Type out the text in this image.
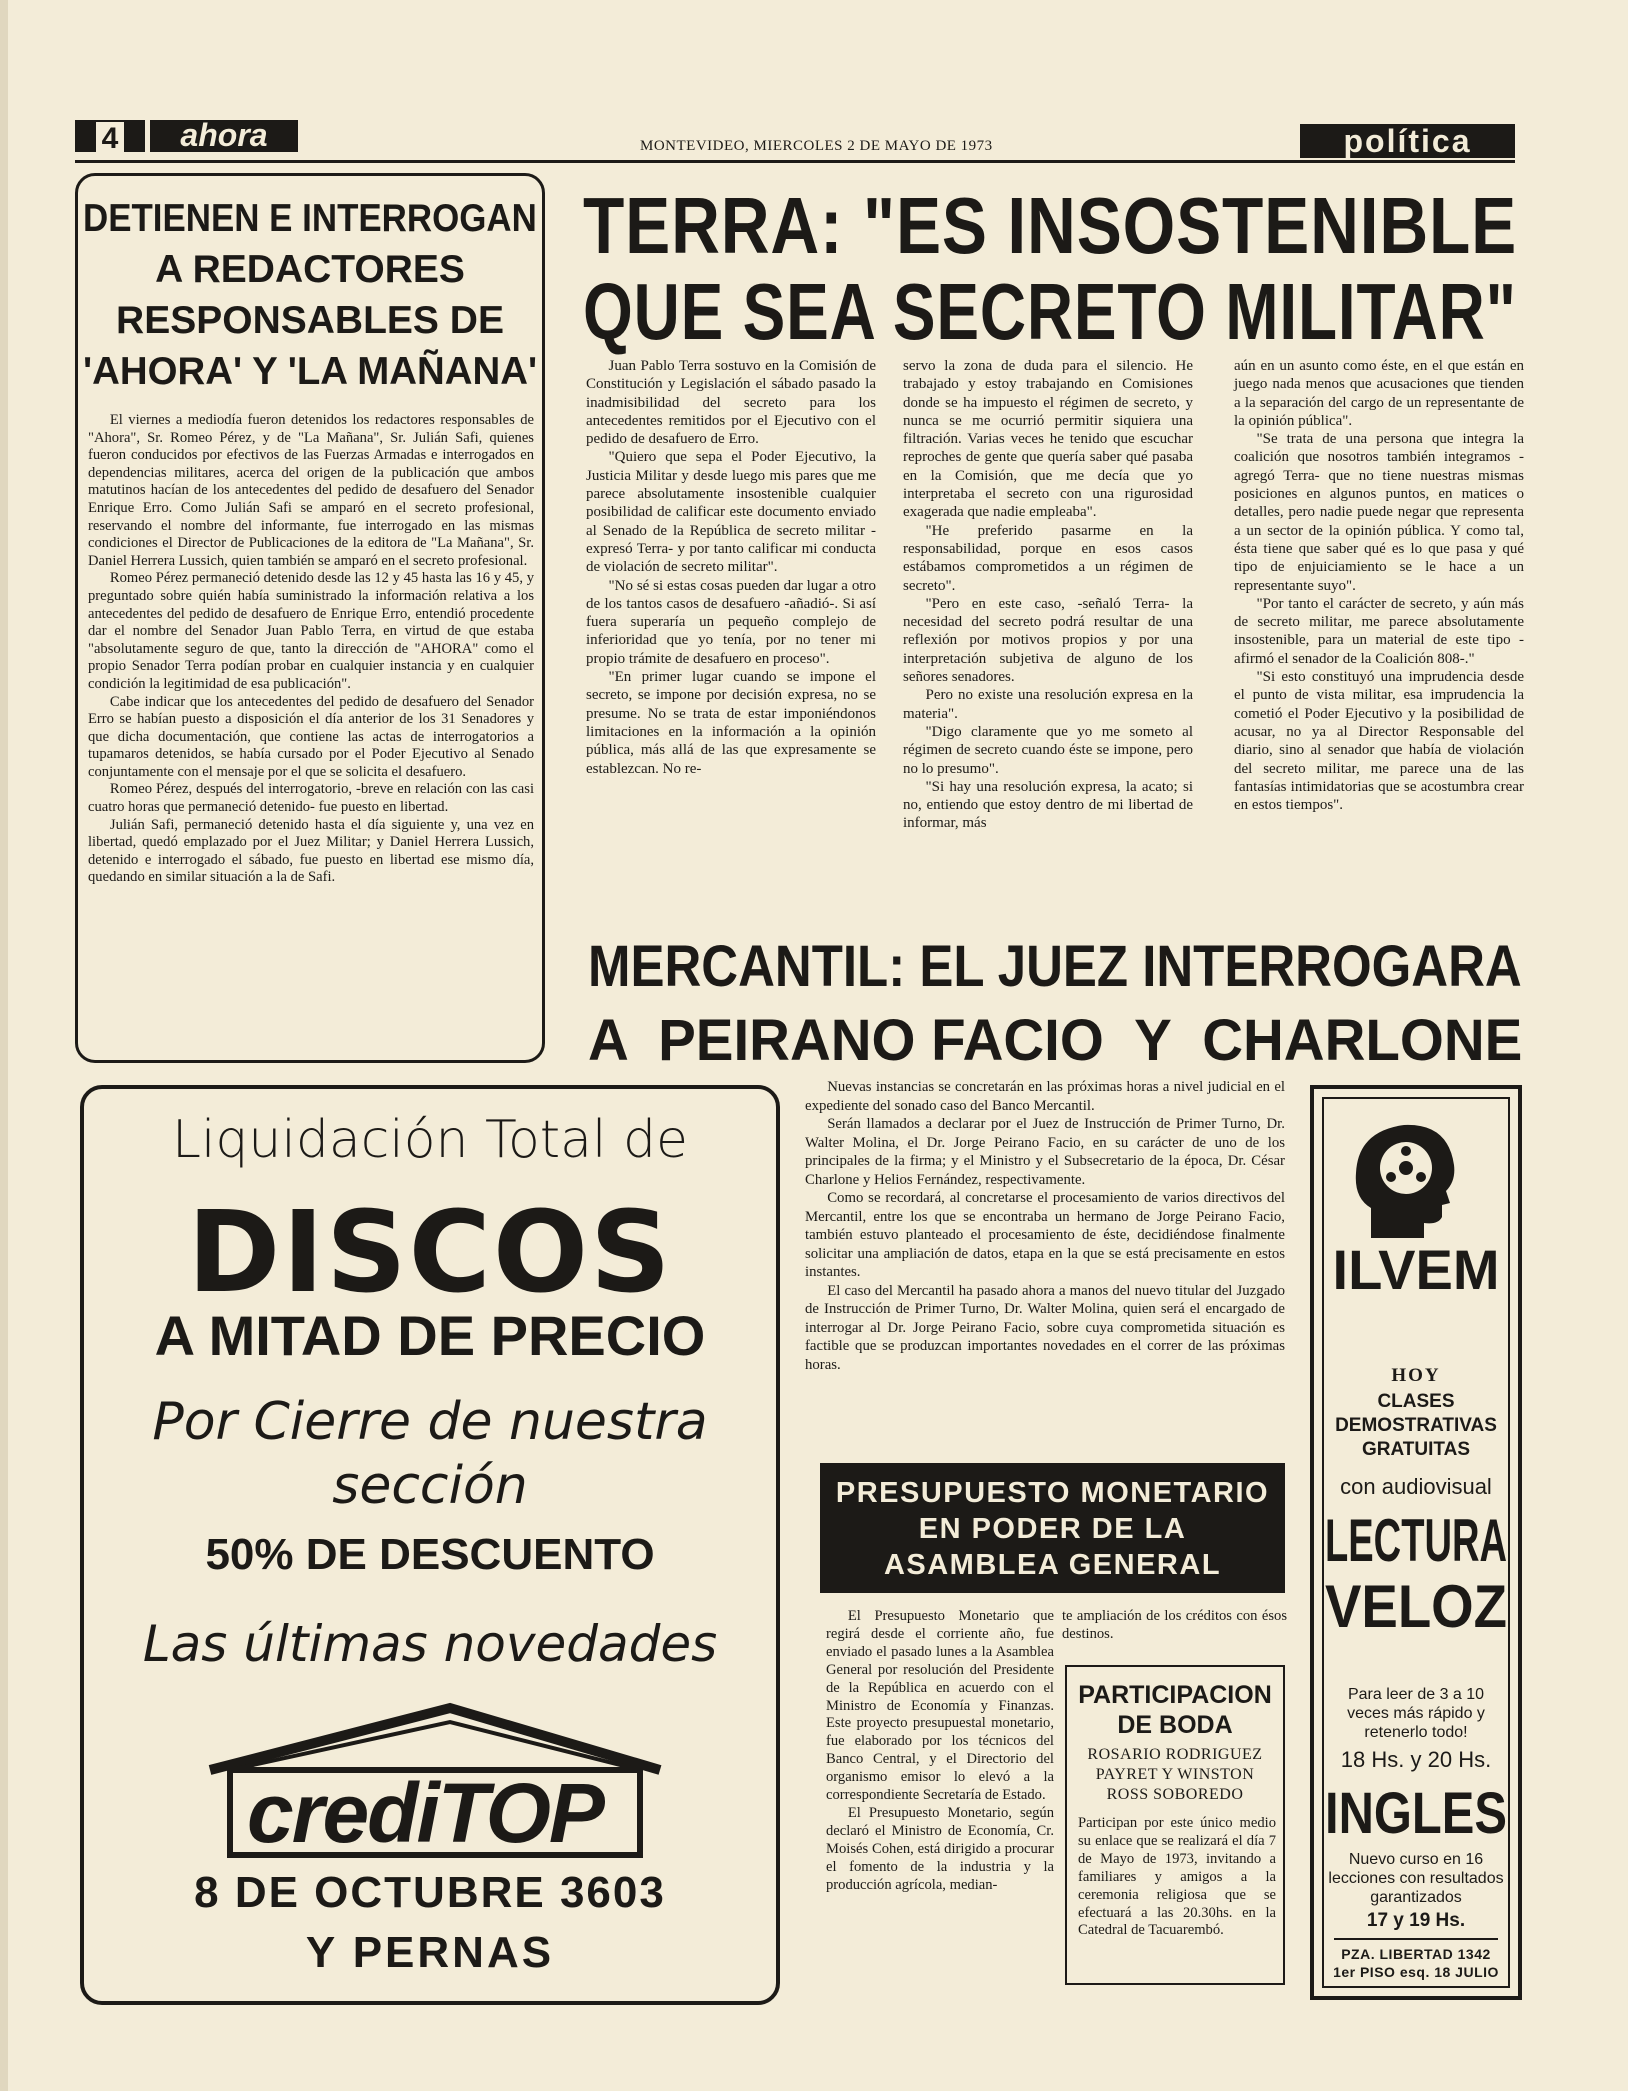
4	ahora	MONTEVIDEO, MIERCOLES 2 DE MAYO DE 1973	política
DETIENEN E INTERROGAN
A REDACTORES
RESPONSABLES DE
'AHORA' Y 'LA MAÑANA'

El viernes a mediodía fueron detenidos los redactores responsables de "Ahora", Sr. Romeo Pérez, y de "La Mañana", Sr. Julián Safi, quienes fueron conducidos por efectivos de las Fuerzas Armadas e interrogados en dependencias militares, acerca del origen de la publicación que ambos matutinos hacían de los antecedentes del pedido de desafuero del Senador Enrique Erro. Como Julián Safi se amparó en el secreto profesional, reservando el nombre del informante, fue interrogado en las mismas condiciones el Director de Publicaciones de la editora de "La Mañana", Sr. Daniel Herrera Lussich, quien también se amparó en el secreto profesional.

Romeo Pérez permaneció detenido desde las 12 y 45 hasta las 16 y 45, y preguntado sobre quién había suministrado la información relativa a los antecedentes del pedido de desafuero de Enrique Erro, entendió procedente dar el nombre del Senador Juan Pablo Terra, en virtud de que estaba "absolutamente seguro de que, tanto la dirección de "AHORA" como el propio Senador Terra podían probar en cualquier instancia y en cualquier condición la legitimidad de esa publicación".

Cabe indicar que los antecedentes del pedido de desafuero del Senador Erro se habían puesto a disposición el día anterior de los 31 Senadores y que dicha documentación, que contiene las actas de interrogatorios a tupamaros detenidos, se había cursado por el Poder Ejecutivo al Senado conjuntamente con el mensaje por el que se solicita el desafuero.

Romeo Pérez, después del interrogatorio, -breve en relación con las casi cuatro horas que permaneció detenido- fue puesto en libertad.

Julián Safi, permaneció detenido hasta el día siguiente y, una vez en libertad, quedó emplazado por el Juez Militar; y Daniel Herrera Lussich, detenido e interrogado el sábado, fue puesto en libertad ese mismo día, quedando en similar situación a la de Safi.

TERRA: "ES INSOSTENIBLE
QUE SEA SECRETO MILITAR"

Juan Pablo Terra sostuvo en la Comisión de Constitución y Legislación el sábado pasado la inadmisibilidad del secreto para los antecedentes remitidos por el Ejecutivo con el pedido de desafuero de Erro.

"Quiero que sepa el Poder Ejecutivo, la Justicia Militar y desde luego mis pares que me parece absolutamente insostenible cualquier posibilidad de calificar este documento enviado al Senado de la República de secreto militar -expresó Terra- y por tanto calificar mi conducta de violación de secreto militar".

"No sé si estas cosas pueden dar lugar a otro de los tantos casos de desafuero -añadió-. Si así fuera superaría un pequeño complejo de inferioridad que yo tenía, por no tener mi propio trámite de desafuero en proceso".

"En primer lugar cuando se impone el secreto, se impone por decisión expresa, no se presume. No se trata de estar imponiéndonos limitaciones en la información a la opinión pública, más allá de las que expresamente se establezcan. No re-

servo la zona de duda para el silencio. He trabajado y estoy trabajando en Comisiones donde se ha impuesto el régimen de secreto, y nunca se me ocurrió permitir siquiera una filtración. Varias veces he tenido que escuchar reproches de gente que quería saber qué pasaba en la Comisión, que me decía que yo interpretaba el secreto con una rigurosidad exagerada que nadie empleaba".

"He preferido pasarme en la responsabilidad, porque en esos casos estábamos comprometidos a un régimen de secreto".

"Pero en este caso, -señaló Terra- la necesidad del secreto podrá resultar de una reflexión por motivos propios y por una interpretación subjetiva de alguno de los señores senadores.

Pero no existe una resolución expresa en la materia".

"Digo claramente que yo me someto al régimen de secreto cuando éste se impone, pero no lo presumo".

"Si hay una resolución expresa, la acato; si no, entiendo que estoy dentro de mi libertad de informar, más

aún en un asunto como éste, en el que están en juego nada menos que acusaciones que tienden a la separación del cargo de un representante de la opinión pública".

"Se trata de una persona que integra la coalición que nosotros también integramos -agregó Terra- que no tiene nuestras mismas posiciones en algunos puntos, en matices o detalles, pero nadie puede negar que representa a un sector de la opinión pública. Y como tal, ésta tiene que saber qué es lo que pasa y qué tipo de enjuiciamiento se le hace a un representante suyo".

"Por tanto el carácter de secreto, y aún más de secreto militar, me parece absolutamente insostenible, para un material de este tipo -afirmó el senador de la Coalición 808-."

"Si esto constituyó una imprudencia desde el punto de vista militar, esa imprudencia la cometió el Poder Ejecutivo y la posibilidad de acusar, no ya al Director Responsable del diario, sino al senador que había de violación del secreto militar, me parece una de las fantasías intimidatorias que se acostumbra crear en estos tiempos".

MERCANTIL: EL JUEZ INTERROGARA
A  PEIRANO FACIO  Y  CHARLONE

Nuevas instancias se concretarán en las próximas horas a nivel judicial en el expediente del sonado caso del Banco Mercantil.

Serán llamados a declarar por el Juez de Instrucción de Primer Turno, Dr. Walter Molina, el Dr. Jorge Peirano Facio, en su carácter de uno de los principales de la firma; y el Ministro y el Subsecretario de la época, Dr. César Charlone y Helios Fernández, respectivamente.

Como se recordará, al concretarse el procesamiento de varios directivos del Mercantil, entre los que se encontraba un hermano de Jorge Peirano Facio, también estuvo planteado el procesamiento de éste, decidiéndose finalmente solicitar una ampliación de datos, etapa en la que se está precisamente en estos instantes.

El caso del Mercantil ha pasado ahora a manos del nuevo titular del Juzgado de Instrucción de Primer Turno, Dr. Walter Molina, quien será el encargado de interrogar al Dr. Jorge Peirano Facio, sobre cuya comprometida situación es factible que se produzcan importantes novedades en el correr de las próximas horas.

Liquidación Total de
DISCOS
A MITAD DE PRECIO
Por Cierre de nuestra
sección
50% DE DESCUENTO
Las últimas novedades
crediTOP
8 DE OCTUBRE 3603
Y PERNAS
PRESUPUESTO MONETARIO
EN PODER DE LA
ASAMBLEA GENERAL

El Presupuesto Monetario que regirá desde el corriente año, fue enviado el pasado lunes a la Asamblea General por resolución del Presidente de la República en acuerdo con el Ministro de Economía y Finanzas. Este proyecto presupuestal monetario, fue elaborado por los técnicos del Banco Central, y el Directorio del organismo emisor lo elevó a la correspondiente Secretaría de Estado.

El Presupuesto Monetario, según declaró el Ministro de Economía, Cr. Moisés Cohen, está dirigido a procurar el fomento de la industria y la producción agrícola, median-

te ampliación de los créditos con ésos destinos.

PARTICIPACION
DE BODA
ROSARIO RODRIGUEZ
PAYRET Y WINSTON
ROSS SOBOREDO
Participan por este único medio su enlace que se realizará el día 7 de Mayo de 1973, invitando a familiares y amigos a la ceremonia religiosa que se efectuará a las 20.30hs. en la Catedral de Tacuarembó.
ILVEM
HOY
CLASES
DEMOSTRATIVAS
GRATUITAS
con audiovisual
LECTURA
VELOZ
Para leer de 3 a 10 veces más rápido y retenerlo todo!
18 Hs. y 20 Hs.
INGLES
Nuevo curso en 16 lecciones con resultados garantizados
17 y 19 Hs.
PZA. LIBERTAD 1342
1er PISO esq. 18 JULIO
